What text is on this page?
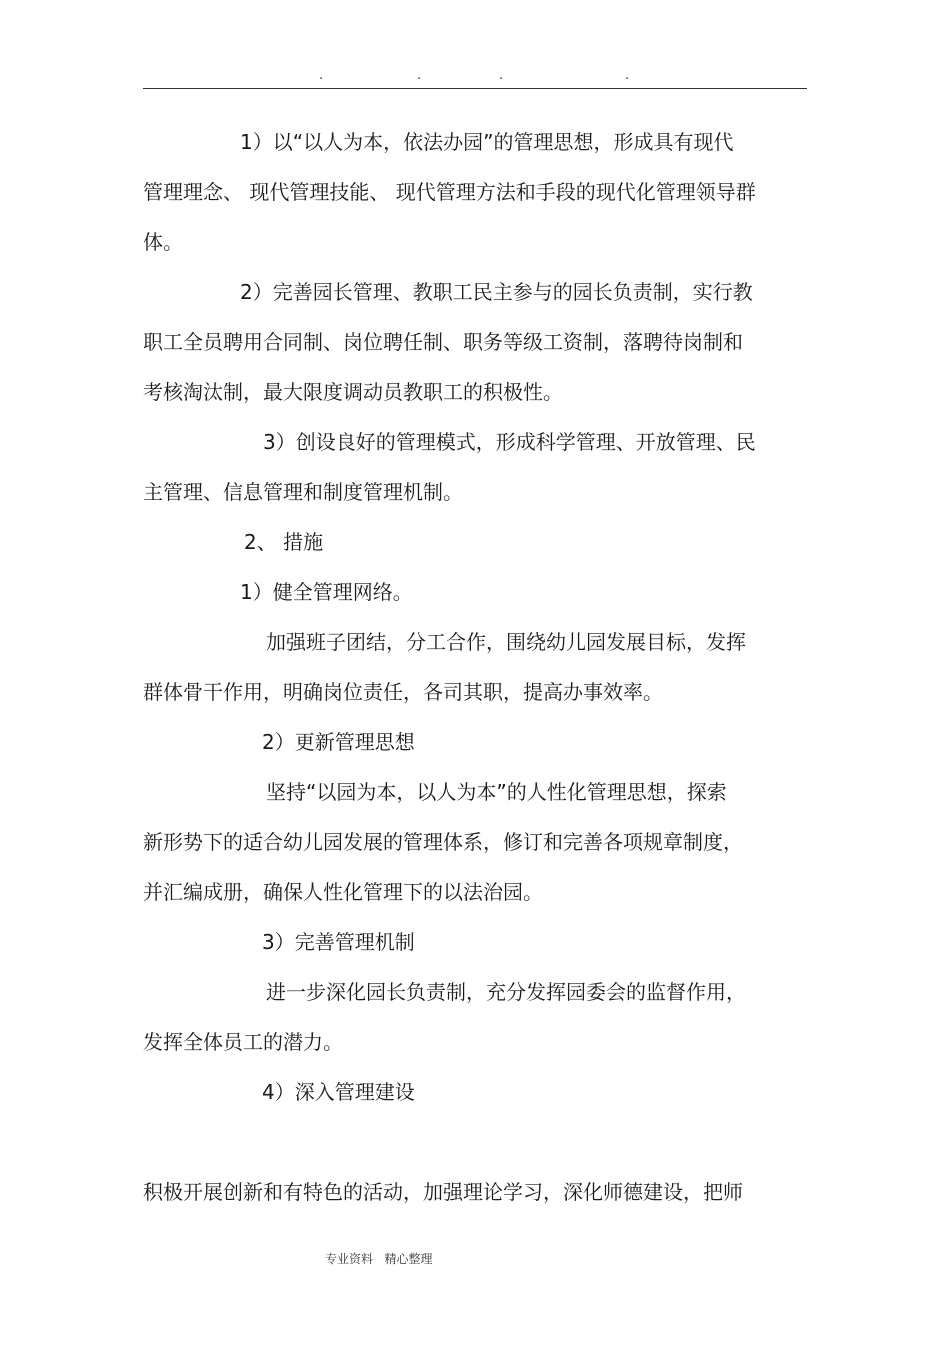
.	.	.	.
1）以“以人为本，依法办园”的管理思想，形成具有现代
管理理念、 现代管理技能、 现代管理方法和手段的现代化管理领导群
体。
2）完善园长管理、教职工民主参与的园长负责制，实行教
职工全员聘用合同制、岗位聘任制、职务等级工资制，落聘待岗制和
考核淘汰制，最大限度调动员教职工的积极性。
3）创设良好的管理模式，形成科学管理、开放管理、民
主管理、信息管理和制度管理机制。
2、 措施
1）健全管理网络。
加强班子团结，分工合作，围绕幼儿园发展目标，发挥
群体骨干作用，明确岗位责任，各司其职，提高办事效率。
2）更新管理思想
坚持“以园为本，以人为本”的人性化管理思想，探索
新形势下的适合幼儿园发展的管理体系，修订和完善各项规章制度，
并汇编成册，确保人性化管理下的以法治园。
3）完善管理机制
进一步深化园长负责制，充分发挥园委会的监督作用，
发挥全体员工的潜力。
4）深入管理建设
积极开展创新和有特色的活动，加强理论学习，深化师德建设，把师
专业资料   精心整理
